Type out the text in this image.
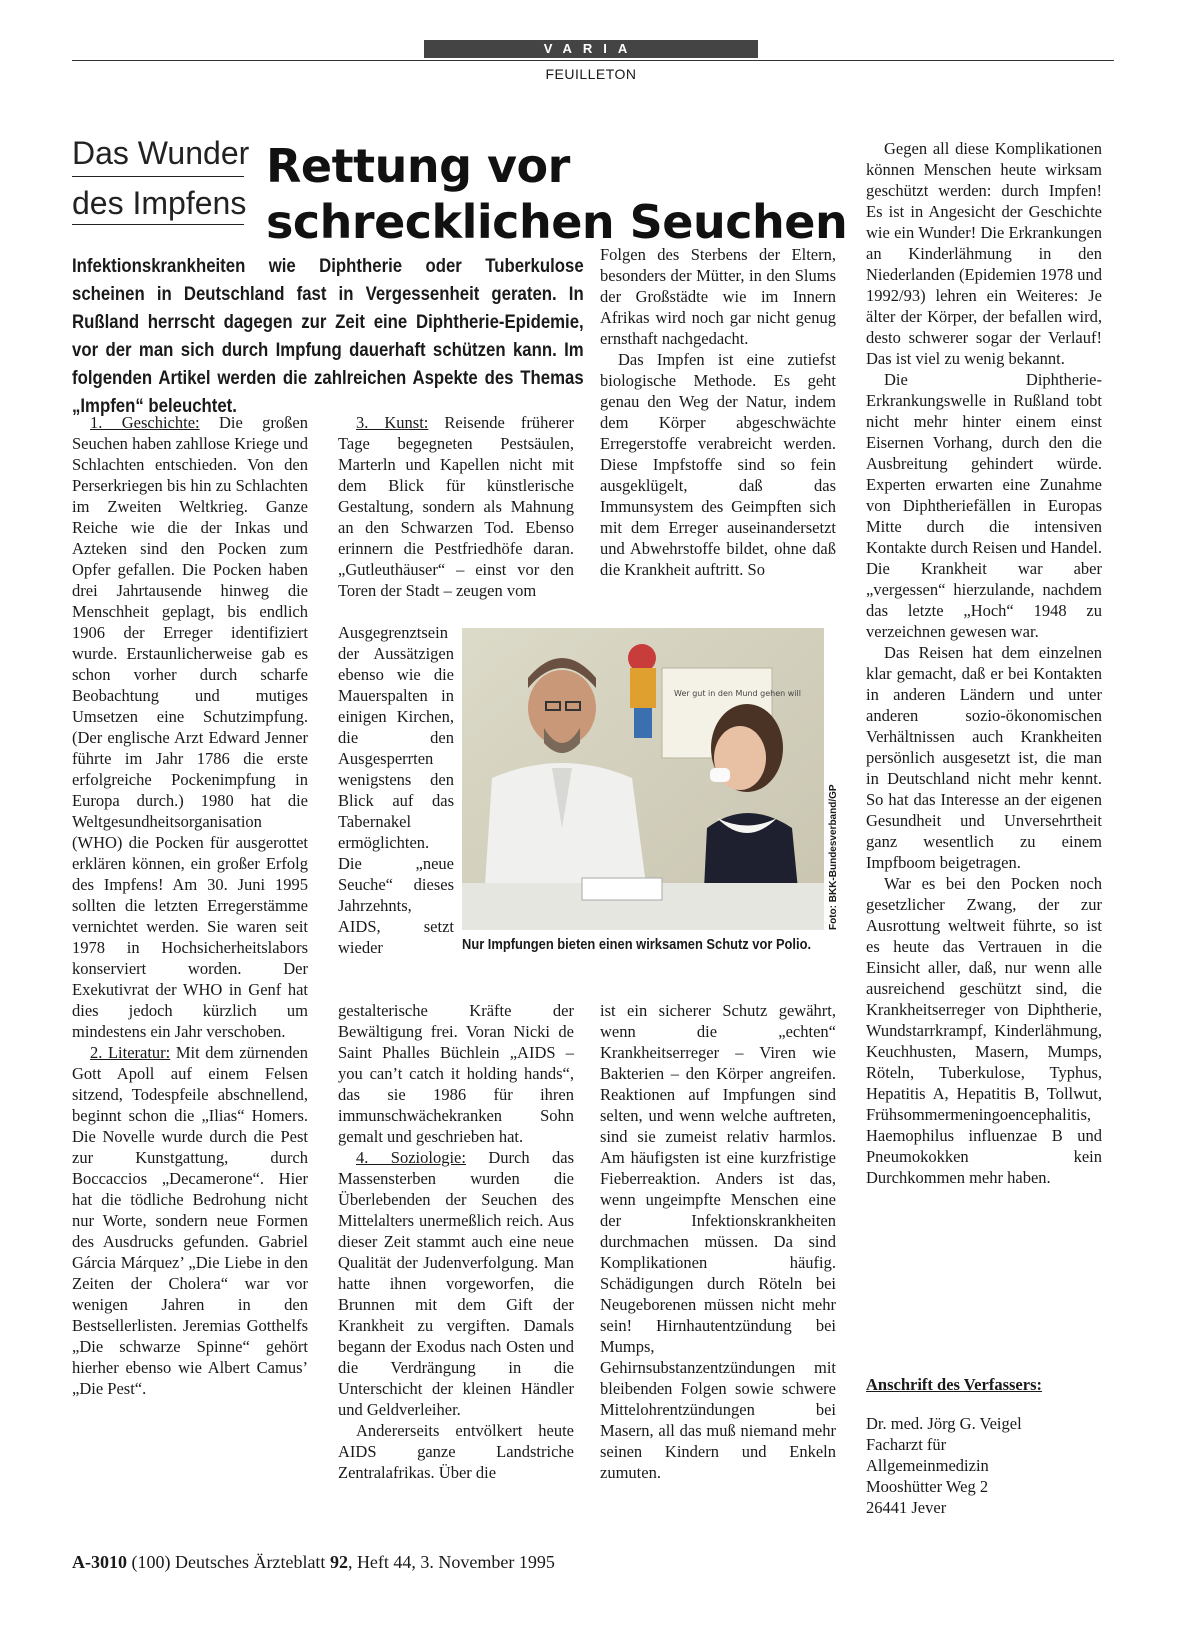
VARIA
FEUILLETON
Das Wunder
des Impfens
Rettung vor
schrecklichen Seuchen
Infektionskrankheiten wie Diphtherie oder Tuberkulose scheinen in Deutschland fast in Vergessenheit geraten. In Rußland herrscht dagegen zur Zeit eine Diphtherie-Epidemie, vor der man sich durch Impfung dauerhaft schützen kann. Im folgenden Artikel werden die zahlreichen Aspekte des Themas „Impfen“ beleuchtet.

1. Geschichte: Die großen Seuchen haben zahllose Kriege und Schlachten entschieden. Von den Perserkriegen bis hin zu Schlachten im Zweiten Weltkrieg. Ganze Reiche wie die der Inkas und Azteken sind den Pocken zum Opfer gefallen. Die Pocken haben drei Jahrtausende hinweg die Menschheit geplagt, bis endlich 1906 der Erreger identifiziert wurde. Erstaunlicherweise gab es schon vorher durch scharfe Beobachtung und mutiges Umsetzen eine Schutzimpfung. (Der englische Arzt Edward Jenner führte im Jahr 1786 die erste erfolgreiche Pockenimpfung in Europa durch.) 1980 hat die Weltgesundheitsorganisation (WHO) die Pocken für ausgerottet erklären können, ein großer Erfolg des Impfens! Am 30. Juni 1995 sollten die letzten Erregerstämme vernichtet werden. Sie waren seit 1978 in Hochsicherheitslabors konserviert worden. Der Exekutivrat der WHO in Genf hat dies jedoch kürzlich um mindestens ein Jahr verschoben.

2. Literatur: Mit dem zürnenden Gott Apoll auf einem Felsen sitzend, Todespfeile abschnellend, beginnt schon die „Ilias“ Homers. Die Novelle wurde durch die Pest zur Kunstgattung, durch Boccaccios „Decamerone“. Hier hat die tödliche Bedrohung nicht nur Worte, sondern neue Formen des Ausdrucks gefunden. Gabriel Gárcia Márquez’ „Die Liebe in den Zeiten der Cholera“ war vor wenigen Jahren in den Bestsellerlisten. Jeremias Gotthelfs „Die schwarze Spinne“ gehört hierher ebenso wie Albert Camus’ „Die Pest“.

3. Kunst: Reisende früherer Tage begegneten Pestsäulen, Marterln und Kapellen nicht mit dem Blick für künstlerische Gestaltung, sondern als Mahnung an den Schwarzen Tod. Ebenso erinnern die Pestfriedhöfe daran. „Gutleuthäuser“ – einst vor den Toren der Stadt – zeugen vom

Ausgegrenztsein der Aussätzigen ebenso wie die Mauerspalten in einigen Kirchen, die den Ausgesperrten wenigstens den Blick auf das Tabernakel ermöglichten. Die „neue Seuche“ dieses Jahrzehnts, AIDS, setzt wieder

gestalterische Kräfte der Bewältigung frei. Voran Nicki de Saint Phalles Büchlein „AIDS – you can’t catch it holding hands“, das sie 1986 für ihren immunschwächekranken Sohn gemalt und geschrieben hat.

4. Soziologie: Durch das Massensterben wurden die Überlebenden der Seuchen des Mittelalters unermeßlich reich. Aus dieser Zeit stammt auch eine neue Qualität der Judenverfolgung. Man hatte ihnen vorgeworfen, die Brunnen mit dem Gift der Krankheit zu vergiften. Damals begann der Exodus nach Osten und die Verdrängung in die Unterschicht der kleinen Händler und Geldverleiher.

Andererseits entvölkert heute AIDS ganze Landstriche Zentralafrikas. Über die

Folgen des Sterbens der Eltern, besonders der Mütter, in den Slums der Großstädte wie im Innern Afrikas wird noch gar nicht genug ernsthaft nachgedacht.

Das Impfen ist eine zutiefst biologische Methode. Es geht genau den Weg der Natur, indem dem Körper abgeschwächte Erregerstoffe verabreicht werden. Diese Impfstoffe sind so fein ausgeklügelt, daß das Immunsystem des Geimpften sich mit dem Erreger auseinandersetzt und Abwehrstoffe bildet, ohne daß die Krankheit auftritt. So

ist ein sicherer Schutz gewährt, wenn die „echten“ Krankheitserreger – Viren wie Bakterien – den Körper angreifen. Reaktionen auf Impfungen sind selten, und wenn welche auftreten, sind sie zumeist relativ harmlos. Am häufigsten ist eine kurzfristige Fieberreaktion. Anders ist das, wenn ungeimpfte Menschen eine der Infektionskrankheiten durchmachen müssen. Da sind Komplikationen häufig. Schädigungen durch Röteln bei Neugeborenen müssen nicht mehr sein! Hirnhautentzündung bei Mumps, Gehirnsubstanzentzündungen mit bleibenden Folgen sowie schwere Mittelohrentzündungen bei Masern, all das muß niemand mehr seinen Kindern und Enkeln zumuten.

Gegen all diese Komplikationen können Menschen heute wirksam geschützt werden: durch Impfen! Es ist in Angesicht der Geschichte wie ein Wunder! Die Erkrankungen an Kinderlähmung in den Niederlanden (Epidemien 1978 und 1992/93) lehren ein Weiteres: Je älter der Körper, der befallen wird, desto schwerer sogar der Verlauf! Das ist viel zu wenig bekannt.

Die Diphtherie-Erkrankungswelle in Rußland tobt nicht mehr hinter einem einst Eisernen Vorhang, durch den die Ausbreitung gehindert würde. Experten erwarten eine Zunahme von Diphtheriefällen in Europas Mitte durch die intensiven Kontakte durch Reisen und Handel. Die Krankheit war aber „vergessen“ hierzulande, nachdem das letzte „Hoch“ 1948 zu verzeichnen gewesen war.

Das Reisen hat dem einzelnen klar gemacht, daß er bei Kontakten in anderen Ländern und unter anderen sozio-ökonomischen Verhältnissen auch Krankheiten persönlich ausgesetzt ist, die man in Deutschland nicht mehr kennt. So hat das Interesse an der eigenen Gesundheit und Unversehrtheit ganz wesentlich zu einem Impfboom beigetragen.

War es bei den Pocken noch gesetzlicher Zwang, der zur Ausrottung weltweit führte, so ist es heute das Vertrauen in die Einsicht aller, daß, nur wenn alle ausreichend geschützt sind, die Krankheitserreger von Diphtherie, Wundstarrkrampf, Kinderlähmung, Keuchhusten, Masern, Mumps, Röteln, Tuberkulose, Typhus, Hepatitis A, Hepatitis B, Tollwut, Frühsommermeningoencephalitis, Haemophilus influenzae B und Pneumokokken kein Durchkommen mehr haben.

Anschrift des Verfassers:
Dr. med. Jörg G. Veigel
Facharzt für
Allgemeinmedizin
Mooshütter Weg 2
26441 Jever
Wer gut in den Mund gehen will
Foto: BKK-Bundesverband/GP
Nur Impfungen bieten einen wirksamen Schutz vor Polio.
A-3010 (100) Deutsches Ärzteblatt 92, Heft 44, 3. November 1995
